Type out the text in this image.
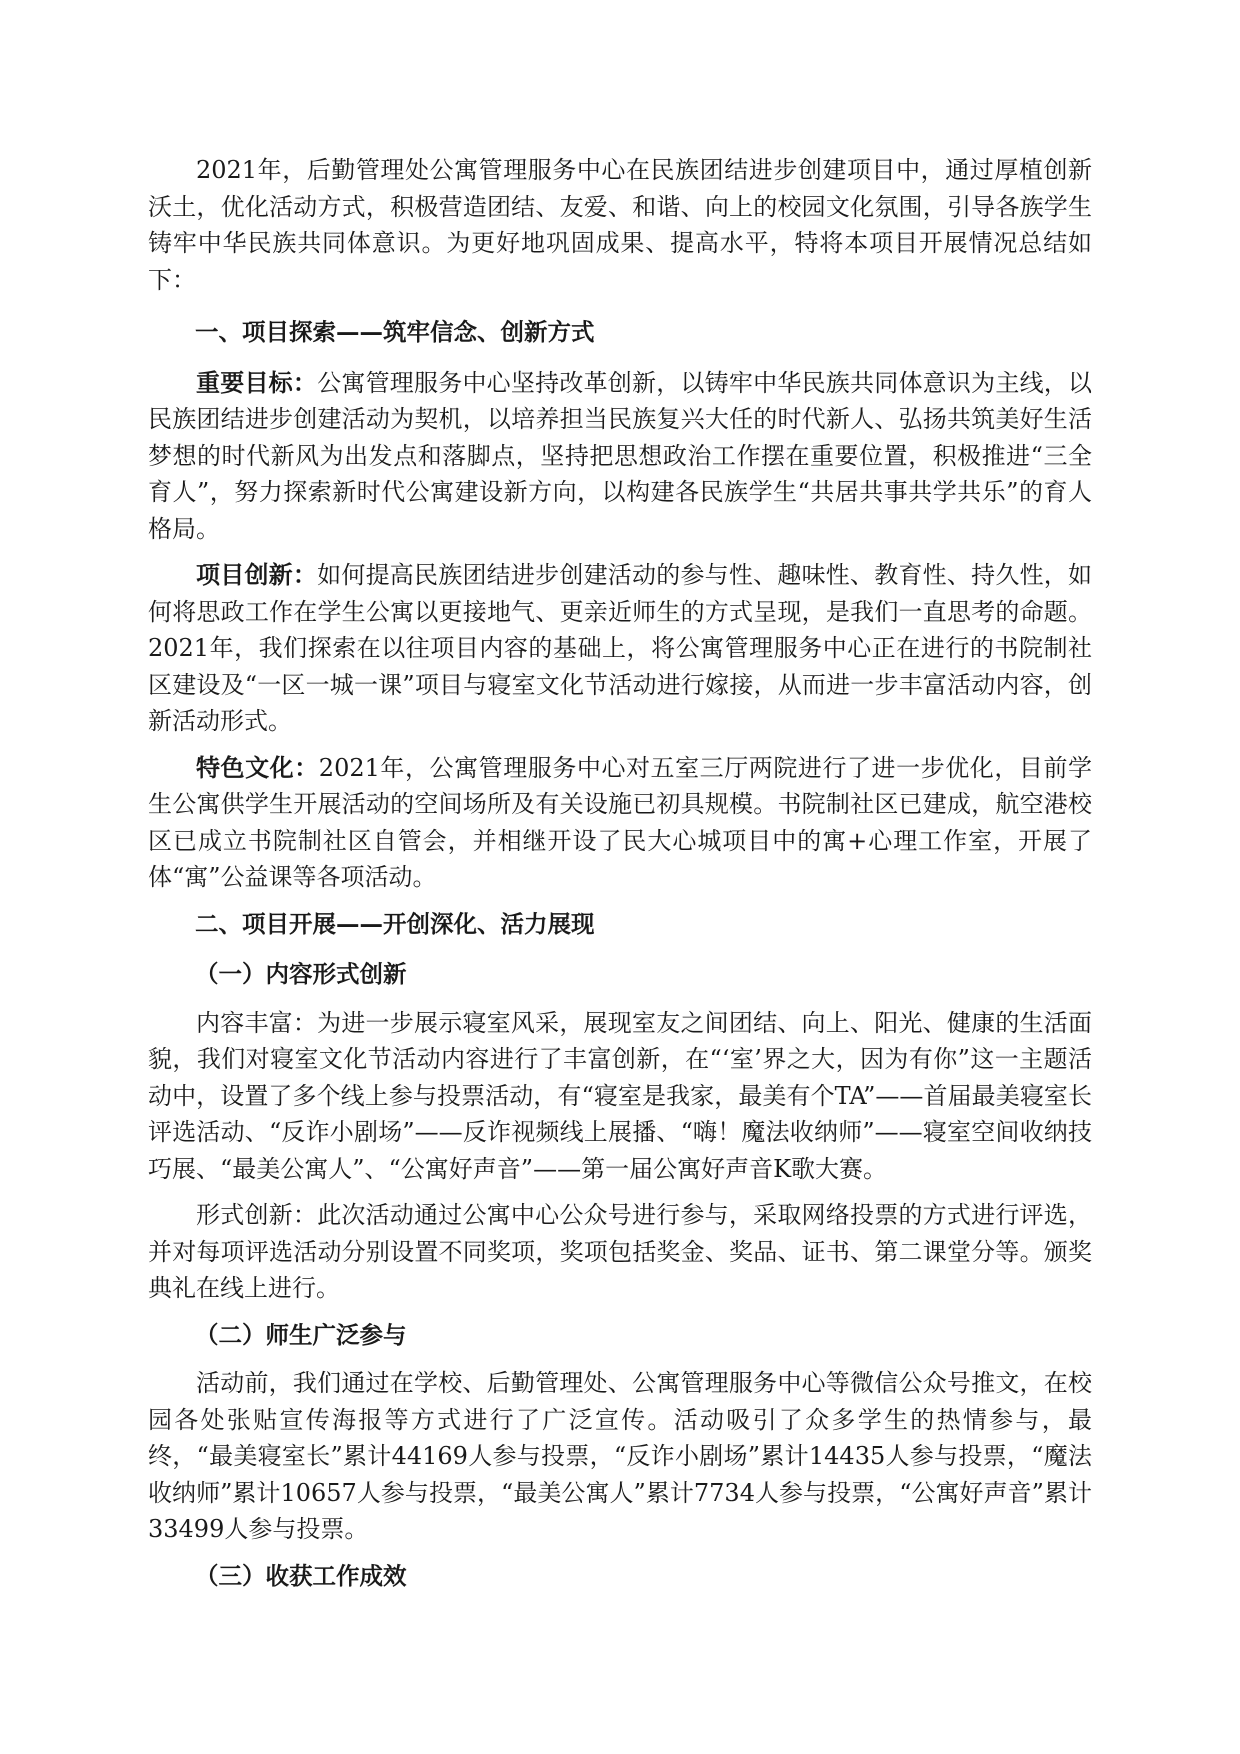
2021年，后勤管理处公寓管理服务中心在民族团结进步创建项目中，通过厚植创新沃土，优化活动方式，积极营造团结、友爱、和谐、向上的校园文化氛围，引导各族学生铸牢中华民族共同体意识。为更好地巩固成果、提高水平，特将本项目开展情况总结如下：

一、项目探索——筑牢信念、创新方式

重要目标：公寓管理服务中心坚持改革创新，以铸牢中华民族共同体意识为主线，以民族团结进步创建活动为契机，以培养担当民族复兴大任的时代新人、弘扬共筑美好生活梦想的时代新风为出发点和落脚点，坚持把思想政治工作摆在重要位置，积极推进“三全育人”，努力探索新时代公寓建设新方向，以构建各民族学生“共居共事共学共乐”的育人格局。

项目创新：如何提高民族团结进步创建活动的参与性、趣味性、教育性、持久性，如何将思政工作在学生公寓以更接地气、更亲近师生的方式呈现，是我们一直思考的命题。2021年，我们探索在以往项目内容的基础上，将公寓管理服务中心正在进行的书院制社区建设及“一区一城一课”项目与寝室文化节活动进行嫁接，从而进一步丰富活动内容，创新活动形式。

特色文化：2021年，公寓管理服务中心对五室三厅两院进行了进一步优化，目前学生公寓供学生开展活动的空间场所及有关设施已初具规模。书院制社区已建成，航空港校区已成立书院制社区自管会，并相继开设了民大心城项目中的寓+心理工作室，开展了体“寓”公益课等各项活动。

二、项目开展——开创深化、活力展现
（一）内容形式创新

内容丰富：为进一步展示寝室风采，展现室友之间团结、向上、阳光、健康的生活面貌，我们对寝室文化节活动内容进行了丰富创新，在“‘室’界之大，因为有你”这一主题活动中，设置了多个线上参与投票活动，有“寝室是我家，最美有个TA”——首届最美寝室长评选活动、“反诈小剧场”——反诈视频线上展播、“嗨！魔法收纳师”——寝室空间收纳技巧展、“最美公寓人”、“公寓好声音”——第一届公寓好声音K歌大赛。

形式创新：此次活动通过公寓中心公众号进行参与，采取网络投票的方式进行评选，并对每项评选活动分别设置不同奖项，奖项包括奖金、奖品、证书、第二课堂分等。颁奖典礼在线上进行。

（二）师生广泛参与

活动前，我们通过在学校、后勤管理处、公寓管理服务中心等微信公众号推文，在校园各处张贴宣传海报等方式进行了广泛宣传。活动吸引了众多学生的热情参与，最终，“最美寝室长”累计44169人参与投票，“反诈小剧场”累计14435人参与投票，“魔法收纳师”累计10657人参与投票，“最美公寓人”累计7734人参与投票，“公寓好声音”累计33499人参与投票。

（三）收获工作成效
